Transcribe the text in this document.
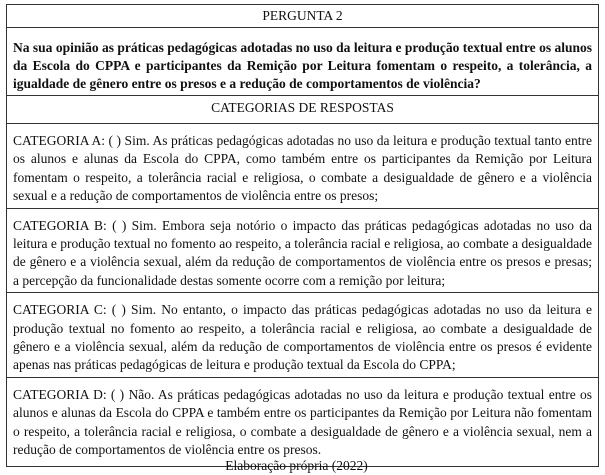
PERGUNTA 2
Na sua opinião as práticas pedagógicas adotadas no uso da leitura e produção textual entre os alunos da Escola do CPPA e participantes da Remição por Leitura fomentam o respeito, a tolerância, a igualdade de gênero entre os presos e a redução de comportamentos de violência?
CATEGORIAS DE RESPOSTAS
CATEGORIA A: ( ) Sim. As práticas pedagógicas adotadas no uso da leitura e produção textual tanto entre os alunos e alunas da Escola do CPPA, como também entre os participantes da Remição por Leitura fomentam o respeito, a tolerância racial e religiosa, o combate a desigualdade de gênero e a violência sexual e a redução de comportamentos de violência entre os presos;
CATEGORIA B: ( ) Sim. Embora seja notório o impacto das práticas pedagógicas adotadas no uso da leitura e produção textual no fomento ao respeito, a tolerância racial e religiosa, ao combate a desigualdade de gênero e a violência sexual, além da redução de comportamentos de violência entre os presos e presas; a percepção da funcionalidade destas somente ocorre com a remição por leitura;
CATEGORIA C: ( ) Sim. No entanto, o impacto das práticas pedagógicas adotadas no uso da leitura e produção textual no fomento ao respeito, a tolerância racial e religiosa, ao combate a desigualdade de gênero e a violência sexual, além da redução de comportamentos de violência entre os presos é evidente apenas nas práticas pedagógicas de leitura e produção textual da Escola do CPPA;
CATEGORIA D: ( ) Não. As práticas pedagógicas adotadas no uso da leitura e produção textual entre os alunos e alunas da Escola do CPPA e também entre os participantes da Remição por Leitura não fomentam o respeito, a tolerância racial e religiosa, o combate a desigualdade de gênero e a violência sexual, nem a redução de comportamentos de violência entre os presos.
Elaboração própria (2022)
